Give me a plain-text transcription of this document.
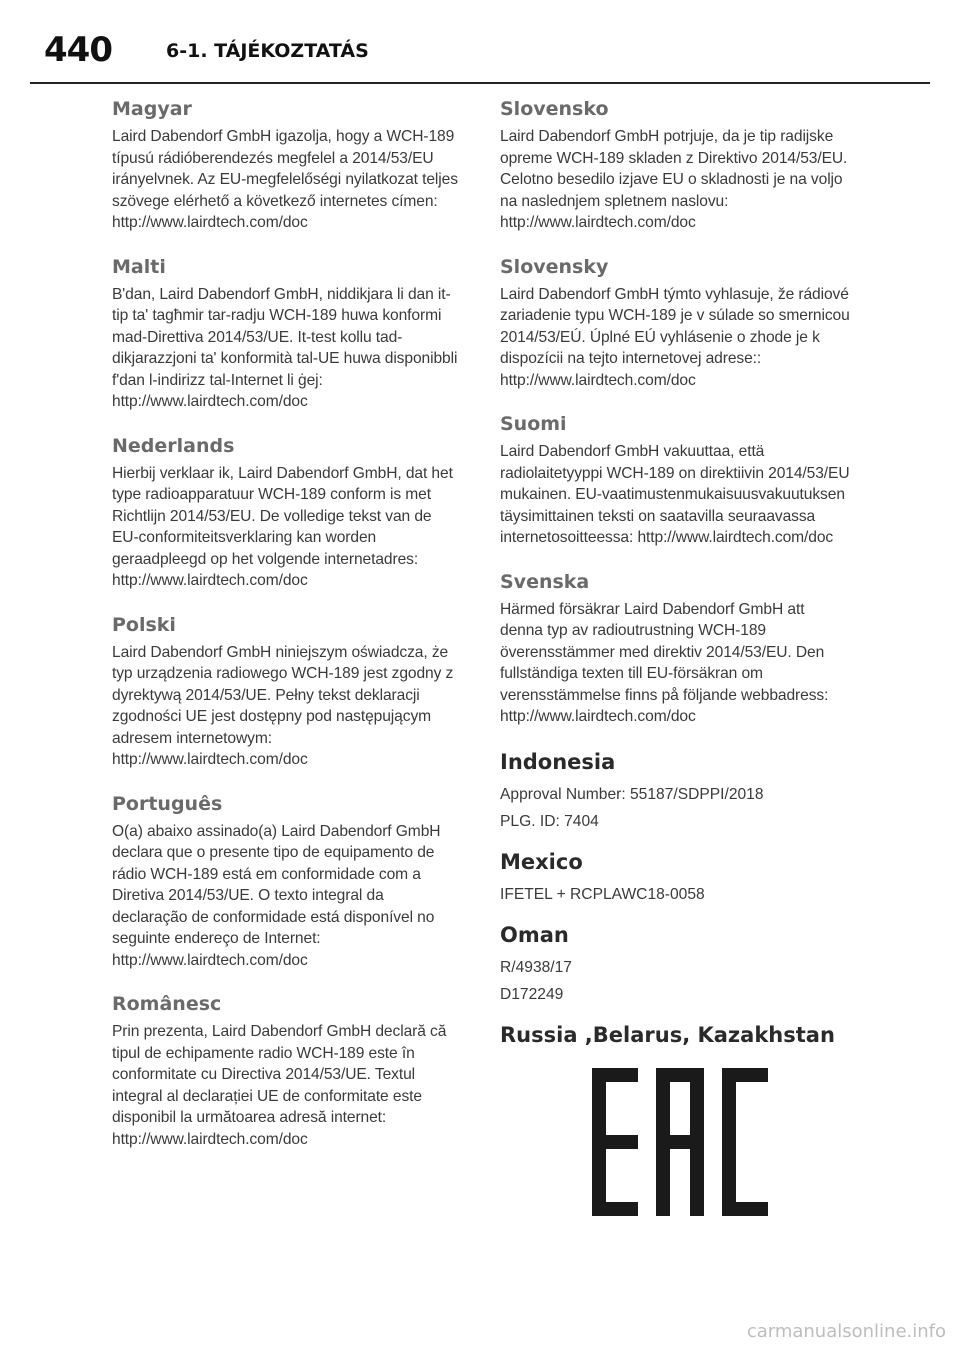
440	6-1. TÁJÉKOZTATÁS
Magyar

Laird Dabendorf GmbH igazolja, hogy a WCH-189 típusú rádióberendezés megfelel a 2014/53/EU irányelvnek. Az EU-megfelelőségi nyilatkozat teljes szövege elérhető a következő internetes címen: http://www.lairdtech.com/doc

Malti

B'dan, Laird Dabendorf GmbH, niddikjara li dan it-tip ta' tagħmir tar-radju WCH-189 huwa konformi mad-Direttiva 2014/53/UE. It-test kollu tad-dikjarazzjoni ta' konformità tal-UE huwa disponibbli f'dan l-indirizz tal-Internet li ġej: http://www.lairdtech.com/doc

Nederlands

Hierbij verklaar ik, Laird Dabendorf GmbH, dat het type radioapparatuur WCH-189 conform is met Richtlijn 2014/53/EU. De volledige tekst van de EU-conformiteitsverklaring kan worden geraadpleegd op het volgende internetadres: http://www.lairdtech.com/doc

Polski

Laird Dabendorf GmbH niniejszym oświadcza, że typ urządzenia radiowego WCH-189 jest zgodny z dyrektywą 2014/53/UE. Pełny tekst deklaracji zgodności UE jest dostępny pod następującym adresem internetowym: http://www.lairdtech.com/doc

Português

O(a) abaixo assinado(a) Laird Dabendorf GmbH declara que o presente tipo de equipamento de rádio WCH-189 está em conformidade com a Diretiva 2014/53/UE. O texto integral da declaração de conformidade está disponível no seguinte endereço de Internet: http://www.lairdtech.com/doc

Românesc

Prin prezenta, Laird Dabendorf GmbH declară că tipul de echipamente radio WCH-189 este în conformitate cu Directiva 2014/53/UE. Textul integral al declarației UE de conformitate este disponibil la următoarea adresă internet: http://www.lairdtech.com/doc

Slovensko

Laird Dabendorf GmbH potrjuje, da je tip radijske opreme WCH-189 skladen z Direktivo 2014/53/EU. Celotno besedilo izjave EU o skladnosti je na voljo na naslednjem spletnem naslovu: http://www.lairdtech.com/doc

Slovensky

Laird Dabendorf GmbH týmto vyhlasuje, že rádiové zariadenie typu WCH-189 je v súlade so smernicou 2014/53/EÚ. Úplné EÚ vyhlásenie o zhode je k dispozícii na tejto internetovej adrese:: http://www.lairdtech.com/doc

Suomi

Laird Dabendorf GmbH vakuuttaa, että radiolaitetyyppi WCH-189 on direktiivin 2014/53/EU mukainen. EU-vaatimustenmukaisuusvakuutuksen täysimittainen teksti on saatavilla seuraavassa internetosoitteessa: http://www.lairdtech.com/doc

Svenska

Härmed försäkrar Laird Dabendorf GmbH att denna typ av radioutrustning WCH-189 överensstämmer med direktiv 2014/53/EU. Den fullständiga texten till EU-försäkran om verensstämmelse finns på följande webbadress: http://www.lairdtech.com/doc

Indonesia

Approval Number: 55187/SDPPI/2018

PLG. ID: 7404

Mexico

IFETEL + RCPLAWC18-0058

Oman

R/4938/17

D172249

Russia ,Belarus, Kazakhstan
carmanualsonline.info
